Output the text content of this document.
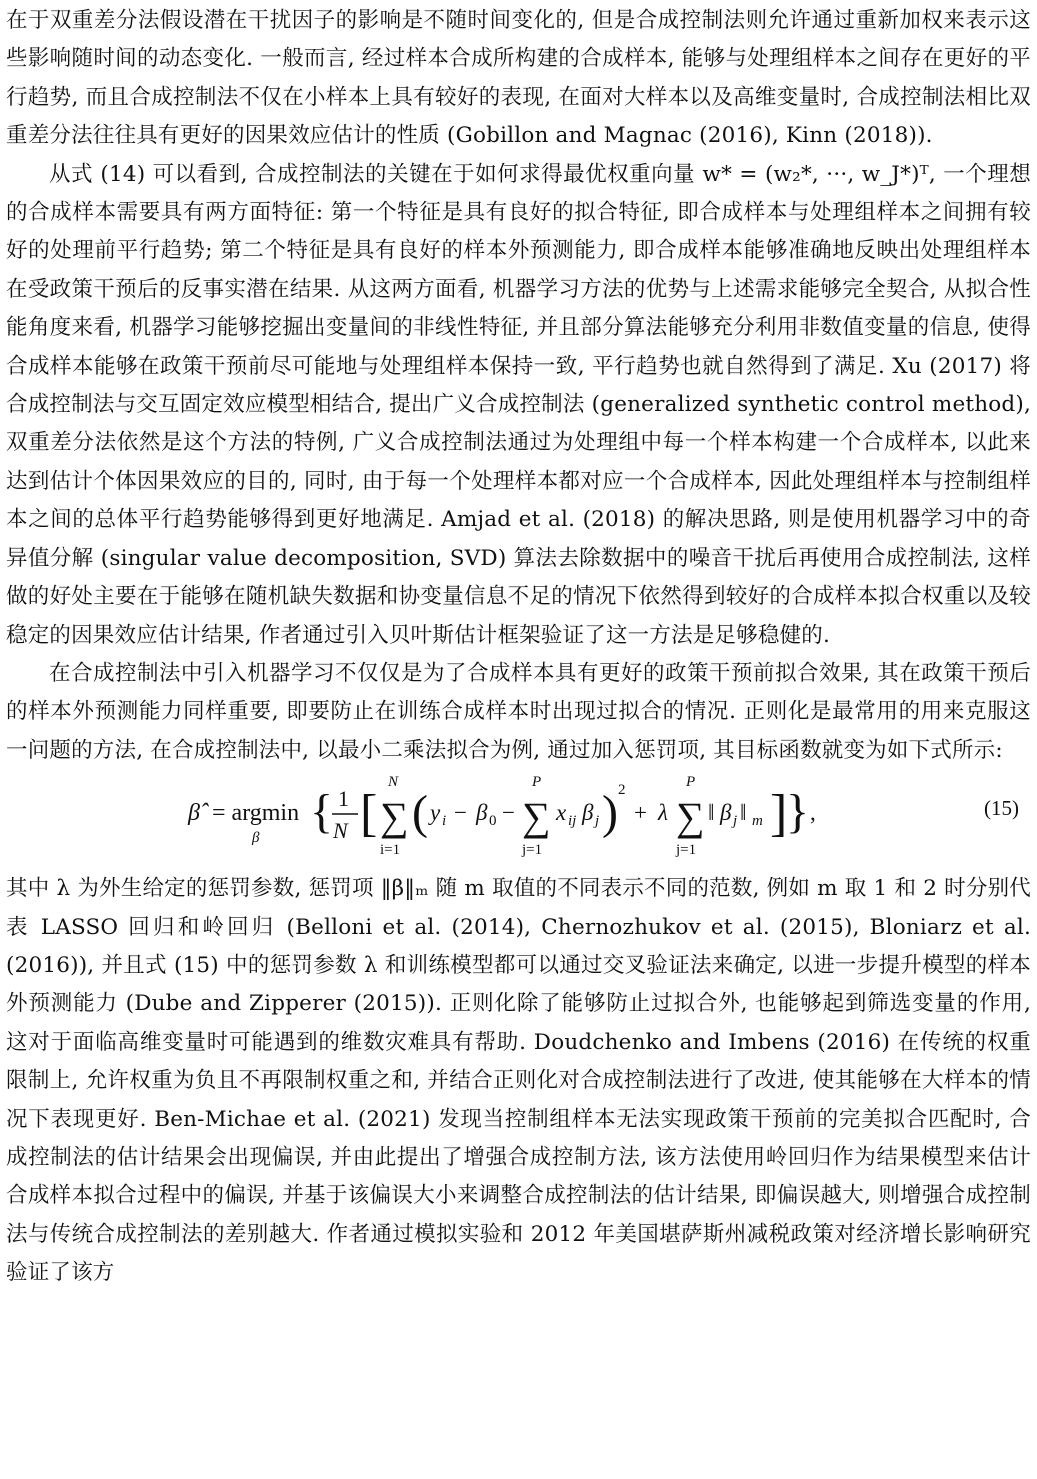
在于双重差分法假设潜在干扰因子的影响是不随时间变化的, 但是合成控制法则允许通过重新加权来表示这些影响随时间的动态变化. 一般而言, 经过样本合成所构建的合成样本, 能够与处理组样本之间存在更好的平行趋势, 而且合成控制法不仅在小样本上具有较好的表现, 在面对大样本以及高维变量时, 合成控制法相比双重差分法往往具有更好的因果效应估计的性质 (Gobillon and Magnac (2016), Kinn (2018)).

从式 (14) 可以看到, 合成控制法的关键在于如何求得最优权重向量 w* = (w₂*, ···, w_J*)ᵀ, 一个理想的合成样本需要具有两方面特征: 第一个特征是具有良好的拟合特征, 即合成样本与处理组样本之间拥有较好的处理前平行趋势; 第二个特征是具有良好的样本外预测能力, 即合成样本能够准确地反映出处理组样本在受政策干预后的反事实潜在结果. 从这两方面看, 机器学习方法的优势与上述需求能够完全契合, 从拟合性能角度来看, 机器学习能够挖掘出变量间的非线性特征, 并且部分算法能够充分利用非数值变量的信息, 使得合成样本能够在政策干预前尽可能地与处理组样本保持一致, 平行趋势也就自然得到了满足. Xu (2017) 将合成控制法与交互固定效应模型相结合, 提出广义合成控制法 (generalized synthetic control method), 双重差分法依然是这个方法的特例, 广义合成控制法通过为处理组中每一个样本构建一个合成样本, 以此来达到估计个体因果效应的目的, 同时, 由于每一个处理样本都对应一个合成样本, 因此处理组样本与控制组样本之间的总体平行趋势能够得到更好地满足. Amjad et al. (2018) 的解决思路, 则是使用机器学习中的奇异值分解 (singular value decomposition, SVD) 算法去除数据中的噪音干扰后再使用合成控制法, 这样做的好处主要在于能够在随机缺失数据和协变量信息不足的情况下依然得到较好的合成样本拟合权重以及较稳定的因果效应估计结果, 作者通过引入贝叶斯估计框架验证了这一方法是足够稳健的.

在合成控制法中引入机器学习不仅仅是为了合成样本具有更好的政策干预前拟合效果, 其在政策干预后的样本外预测能力同样重要, 即要防止在训练合成样本时出现过拟合的情况. 正则化是最常用的用来克服这一问题的方法, 在合成控制法中, 以最小二乘法拟合为例, 通过加入惩罚项, 其目标函数就变为如下式所示:

β̂ = argmin
β { 1
N [
N
∑
i=1
( y i − β 0 −
P
∑
j=1
x ij β j ) 2
+ λ
P
∑
j=1
‖ β j ‖ m ]
} ,	(15)

其中 λ 为外生给定的惩罚参数, 惩罚项 ‖β‖ₘ 随 m 取值的不同表示不同的范数, 例如 m 取 1 和 2 时分别代表 LASSO 回归和岭回归 (Belloni et al. (2014), Chernozhukov et al. (2015), Bloniarz et al. (2016)), 并且式 (15) 中的惩罚参数 λ 和训练模型都可以通过交叉验证法来确定, 以进一步提升模型的样本外预测能力 (Dube and Zipperer (2015)). 正则化除了能够防止过拟合外, 也能够起到筛选变量的作用, 这对于面临高维变量时可能遇到的维数灾难具有帮助. Doudchenko and Imbens (2016) 在传统的权重限制上, 允许权重为负且不再限制权重之和, 并结合正则化对合成控制法进行了改进, 使其能够在大样本的情况下表现更好. Ben-Michae et al. (2021) 发现当控制组样本无法实现政策干预前的完美拟合匹配时, 合成控制法的估计结果会出现偏误, 并由此提出了增强合成控制方法, 该方法使用岭回归作为结果模型来估计合成样本拟合过程中的偏误, 并基于该偏误大小来调整合成控制法的估计结果, 即偏误越大, 则增强合成控制法与传统合成控制法的差别越大. 作者通过模拟实验和 2012 年美国堪萨斯州减税政策对经济增长影响研究验证了该方
